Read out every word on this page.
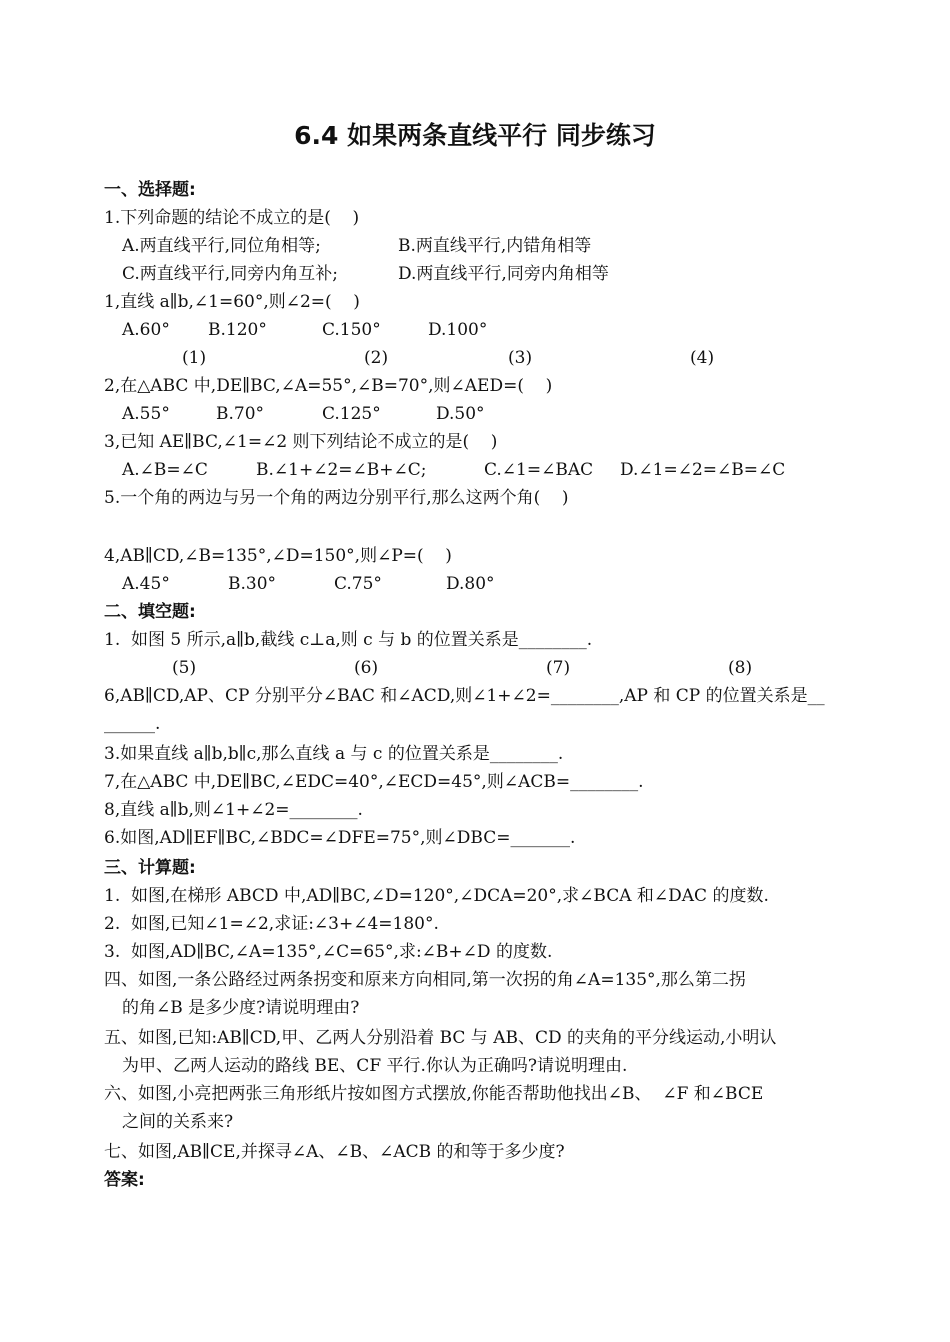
6.4 如果两条直线平行 同步练习
一、选择题:
1.下列命题的结论不成立的是(    )
A.两直线平行,同位角相等;	B.两直线平行,内错角相等
C.两直线平行,同旁内角互补;	D.两直线平行,同旁内角相等
1,直线 a∥b,∠1=60°,则∠2=(    )
A.60° B.120°	C.150°	D.100°
(1)	(2)	(3)	(4)
2,在△ABC 中,DE∥BC,∠A=55°,∠B=70°,则∠AED=(    )
A.55°	B.70°	C.125°	D.50°
3,已知 AE∥BC,∠1=∠2 则下列结论不成立的是(    )
A.∠B=∠C	B.∠1+∠2=∠B+∠C;	C.∠1=∠BAC D.∠1=∠2=∠B=∠C
5.一个角的两边与另一个角的两边分别平行,那么这两个角(    )
4,AB∥CD,∠B=135°,∠D=150°,则∠P=(    )
A.45°	B.30°	C.75°	D.80°
二、填空题:
1.  如图 5 所示,a∥b,截线 c⊥a,则 c 与 b 的位置关系是________.
(5)	(6)	(7)	(8)
6,AB∥CD,AP、CP 分别平分∠BAC 和∠ACD,则∠1+∠2=________,AP 和 CP 的位置关系是__
______.
3.如果直线 a∥b,b∥c,那么直线 a 与 c 的位置关系是________.
7,在△ABC 中,DE∥BC,∠EDC=40°,∠ECD=45°,则∠ACB=________.
8,直线 a∥b,则∠1+∠2=________.
6.如图,AD∥EF∥BC,∠BDC=∠DFE=75°,则∠DBC=_______.
三、计算题:
1.  如图,在梯形 ABCD 中,AD∥BC,∠D=120°,∠DCA=20°,求∠BCA 和∠DAC 的度数.
2.  如图,已知∠1=∠2,求证:∠3+∠4=180°.
3.  如图,AD∥BC,∠A=135°,∠C=65°,求:∠B+∠D 的度数.
四、如图,一条公路经过两条拐变和原来方向相同,第一次拐的角∠A=135°,那么第二拐
的角∠B 是多少度?请说明理由?
五、如图,已知:AB∥CD,甲、乙两人分别沿着 BC 与 AB、CD 的夹角的平分线运动,小明认
为甲、乙两人运动的路线 BE、CF 平行.你认为正确吗?请说明理由.
六、如图,小亮把两张三角形纸片按如图方式摆放,你能否帮助他找出∠B、  ∠F 和∠BCE
之间的关系来?
七、如图,AB∥CE,并探寻∠A、∠B、∠ACB 的和等于多少度?
答案:
